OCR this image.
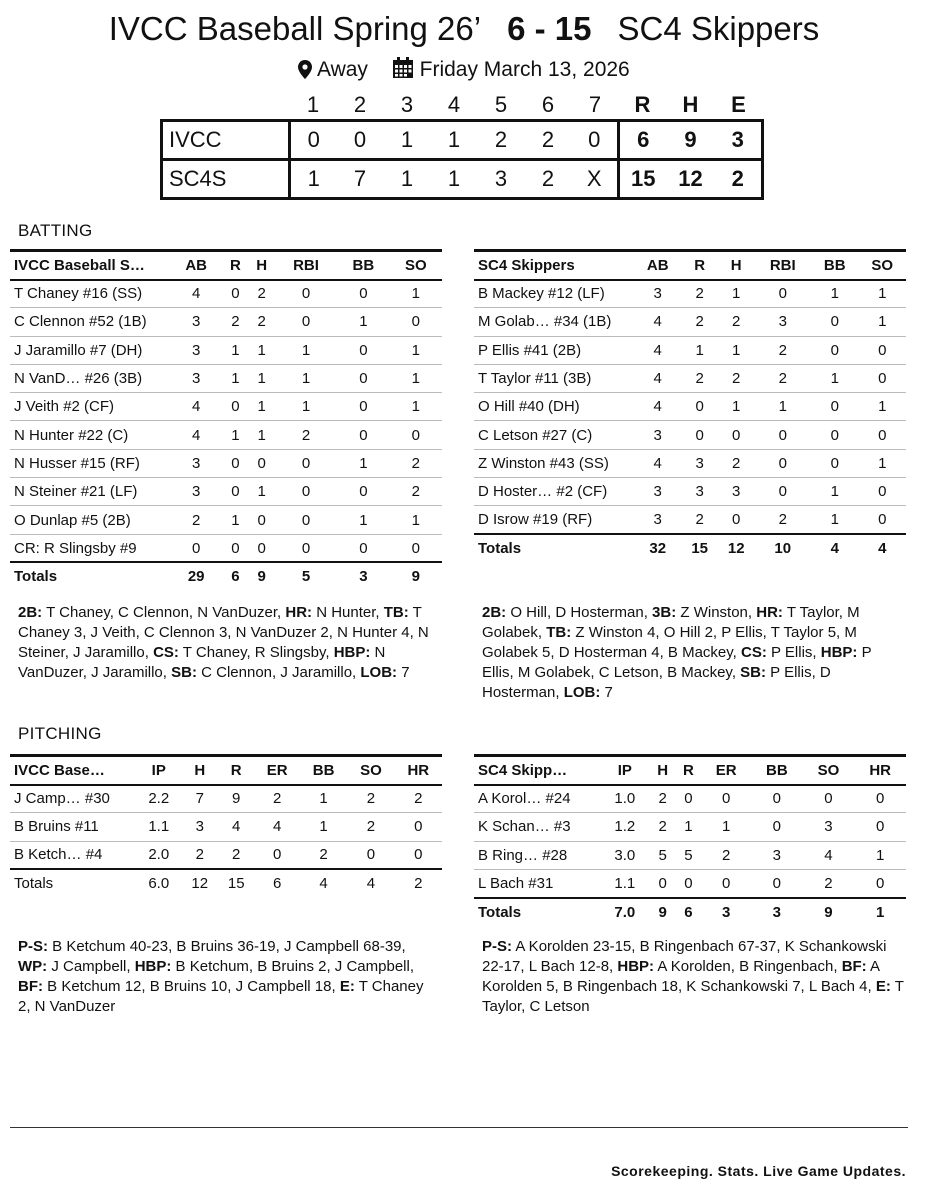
IVCC Baseball Spring 26’ 6 - 15 SC4 Skippers
Away Friday March 13, 2026
	1	2	3	4	5	6	7	R	H	E
IVCC	0	0	1	1	2	2	0	6	9	3
SC4S	1	7	1	1	3	2	X	15	12	2
BATTING
IVCC Baseball S…	AB	R	H	RBI	BB	SO
T Chaney #16 (SS)	4	0	2	0	0	1
C Clennon #52 (1B)	3	2	2	0	1	0
J Jaramillo #7 (DH)	3	1	1	1	0	1
N VanD… #26 (3B)	3	1	1	1	0	1
J Veith #2 (CF)	4	0	1	1	0	1
N Hunter #22 (C)	4	1	1	2	0	0
N Husser #15 (RF)	3	0	0	0	1	2
N Steiner #21 (LF)	3	0	1	0	0	2
O Dunlap #5 (2B)	2	1	0	0	1	1
CR: R Slingsby #9	0	0	0	0	0	0
Totals	29	6	9	5	3	9
SC4 Skippers	AB	R	H	RBI	BB	SO
B Mackey #12 (LF)	3	2	1	0	1	1
M Golab… #34 (1B)	4	2	2	3	0	1
P Ellis #41 (2B)	4	1	1	2	0	0
T Taylor #11 (3B)	4	2	2	2	1	0
O Hill #40 (DH)	4	0	1	1	0	1
C Letson #27 (C)	3	0	0	0	0	0
Z Winston #43 (SS)	4	3	2	0	0	1
D Hoster… #2 (CF)	3	3	3	0	1	0
D Isrow #19 (RF)	3	2	0	2	1	0
Totals	32	15	12	10	4	4
2B: T Chaney, C Clennon, N VanDuzer, HR: N Hunter, TB: T Chaney 3, J Veith, C Clennon 3, N VanDuzer 2, N Hunter 4, N Steiner, J Jaramillo, CS: T Chaney, R Slingsby, HBP: N VanDuzer, J Jaramillo, SB: C Clennon, J Jaramillo, LOB: 7
2B: O Hill, D Hosterman, 3B: Z Winston, HR: T Taylor, M Golabek, TB: Z Winston 4, O Hill 2, P Ellis, T Taylor 5, M Golabek 5, D Hosterman 4, B Mackey, CS: P Ellis, HBP: P Ellis, M Golabek, C Letson, B Mackey, SB: P Ellis, D Hosterman, LOB: 7
PITCHING
IVCC Base…	IP	H	R	ER	BB	SO	HR
J Camp… #30	2.2	7	9	2	1	2	2
B Bruins #11	1.1	3	4	4	1	2	0
B Ketch… #4	2.0	2	2	0	2	0	0
Totals	6.0	12	15	6	4	4	2
SC4 Skipp…	IP	H	R	ER	BB	SO	HR
A Korol… #24	1.0	2	0	0	0	0	0
K Schan… #3	1.2	2	1	1	0	3	0
B Ring… #28	3.0	5	5	2	3	4	1
L Bach #31	1.1	0	0	0	0	2	0
Totals	7.0	9	6	3	3	9	1
P-S: B Ketchum 40-23, B Bruins 36-19, J Campbell 68-39, WP: J Campbell, HBP: B Ketchum, B Bruins 2, J Campbell, BF: B Ketchum 12, B Bruins 10, J Campbell 18, E: T Chaney 2, N VanDuzer
P-S: A Korolden 23-15, B Ringenbach 67-37, K Schankowski 22-17, L Bach 12-8, HBP: A Korolden, B Ringenbach, BF: A Korolden 5, B Ringenbach 18, K Schankowski 7, L Bach 4, E: T Taylor, C Letson
Scorekeeping. Stats. Live Game Updates.
